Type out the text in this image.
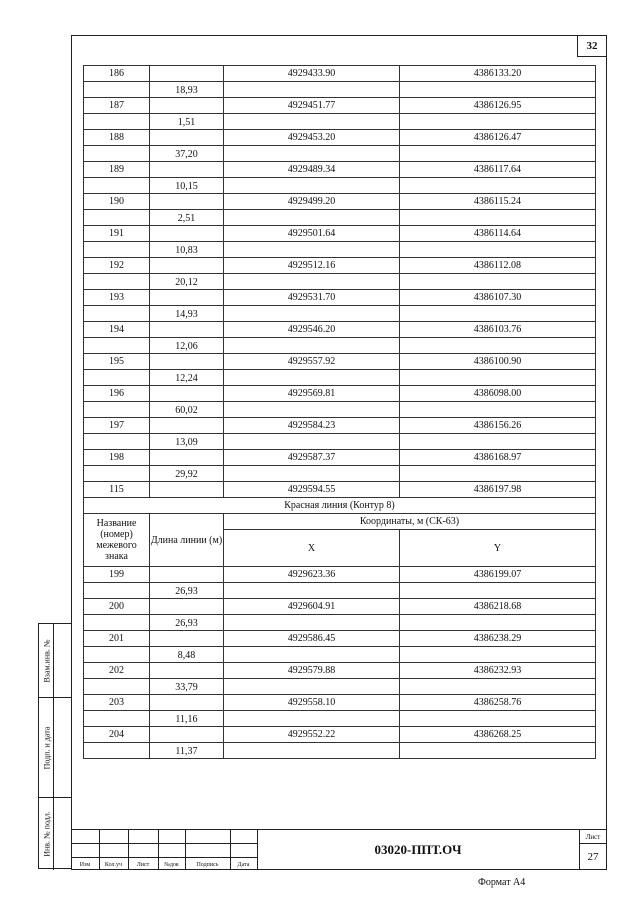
32
186		4929433.90	4386133.20
	18,93		
187		4929451.77	4386126.95
	1,51		
188		4929453.20	4386126.47
	37,20		
189		4929489.34	4386117.64
	10,15		
190		4929499.20	4386115.24
	2,51		
191		4929501.64	4386114.64
	10,83		
192		4929512.16	4386112.08
	20,12		
193		4929531.70	4386107.30
	14,93		
194		4929546.20	4386103.76
	12,06		
195		4929557.92	4386100.90
	12,24		
196		4929569.81	4386098.00
	60,02		
197		4929584.23	4386156.26
	13,09		
198		4929587.37	4386168.97
	29,92		
115		4929594.55	4386197.98
Красная линия (Контур 8)			
Название (номер) межевого знака	Длина линии (м)	Координаты, м (СК-63)	
		X	Y
199		4929623.36	4386199.07
	26,93		
200		4929604.91	4386218.68
	26,93		
201		4929586.45	4386238.29
	8,48		
202		4929579.88	4386232.93
	33,79		
203		4929558.10	4386258.76
	11,16		
204		4929552.22	4386268.25
	11,37		
Взам.инв. №
Подп. и дата
Инв. № подл.
Изм	Кол.уч	Лист	№док	Подпись	Дата
03020-ППТ.ОЧ
Лист
27
Формат А4
